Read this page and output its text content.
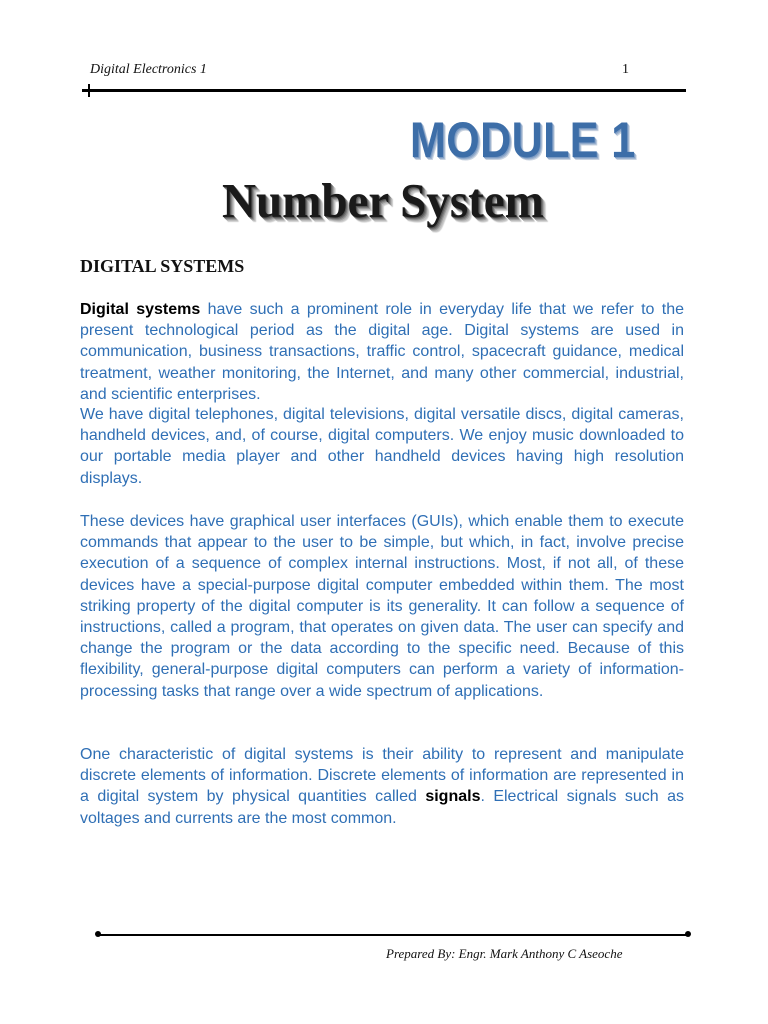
Digital Electronics 1	1
MODULE 1
Number System
DIGITAL SYSTEMS

Digital systems have such a prominent role in everyday life that we refer to the present technological period as the digital age. Digital systems are used in communication, business transactions, traffic control, spacecraft guidance, medical treatment, weather monitoring, the Internet, and many other commercial, industrial, and scientific enterprises.

We have digital telephones, digital televisions, digital versatile discs, digital cameras, handheld devices, and, of course, digital computers. We enjoy music downloaded to our portable media player and other handheld devices having high resolution displays.

These devices have graphical user interfaces (GUIs), which enable them to execute commands that appear to the user to be simple, but which, in fact, involve precise execution of a sequence of complex internal instructions. Most, if not all, of these devices have a special-purpose digital computer embedded within them. The most striking property of the digital computer is its generality. It can follow a sequence of instructions, called a program, that operates on given data. The user can specify and change the program or the data according to the specific need. Because of this flexibility, general-purpose digital computers can perform a variety of information-processing tasks that range over a wide spectrum of applications.

One characteristic of digital systems is their ability to represent and manipulate discrete elements of information. Discrete elements of information are represented in a digital system by physical quantities called signals. Electrical signals such as voltages and currents are the most common.

Prepared By: Engr. Mark Anthony C Aseoche
